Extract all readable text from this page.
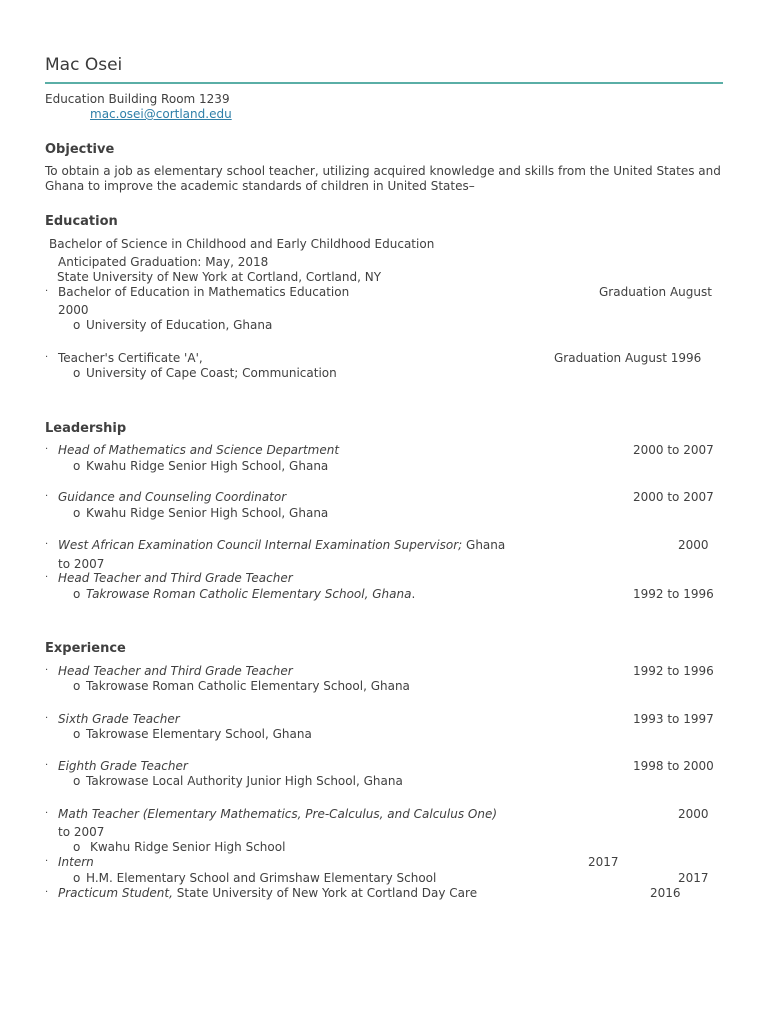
Mac Osei
Education Building Room 1239
mac.osei@cortland.edu
Objective
To obtain a job as elementary school teacher, utilizing acquired knowledge and skills from the United States and Ghana to improve the academic standards of children in United States–
Education
Bachelor of Science in Childhood and Early Childhood Education
Anticipated Graduation: May, 2018
State University of New York at Cortland, Cortland, NY
· Bachelor of Education in Mathematics Education	Graduation August
2000
o University of Education, Ghana
· Teacher's Certificate 'A',	Graduation August 1996
o University of Cape Coast; Communication
Leadership
· Head of Mathematics and Science Department	2000 to 2007
o Kwahu Ridge Senior High School, Ghana
· Guidance and Counseling Coordinator	2000 to 2007
o Kwahu Ridge Senior High School, Ghana
· West African Examination Council Internal Examination Supervisor; Ghana	2000
to 2007
· Head Teacher and Third Grade Teacher
o Takrowase Roman Catholic Elementary School, Ghana.	1992 to 1996
Experience
· Head Teacher and Third Grade Teacher	1992 to 1996
o Takrowase Roman Catholic Elementary School, Ghana
· Sixth Grade Teacher	1993 to 1997
o Takrowase Elementary School, Ghana
· Eighth Grade Teacher	1998 to 2000
o Takrowase Local Authority Junior High School, Ghana
· Math Teacher (Elementary Mathematics, Pre-Calculus, and Calculus One)	2000
to 2007
o Kwahu Ridge Senior High School
· Intern	2017
o H.M. Elementary School and Grimshaw Elementary School	2017
· Practicum Student, State University of New York at Cortland Day Care	2016
